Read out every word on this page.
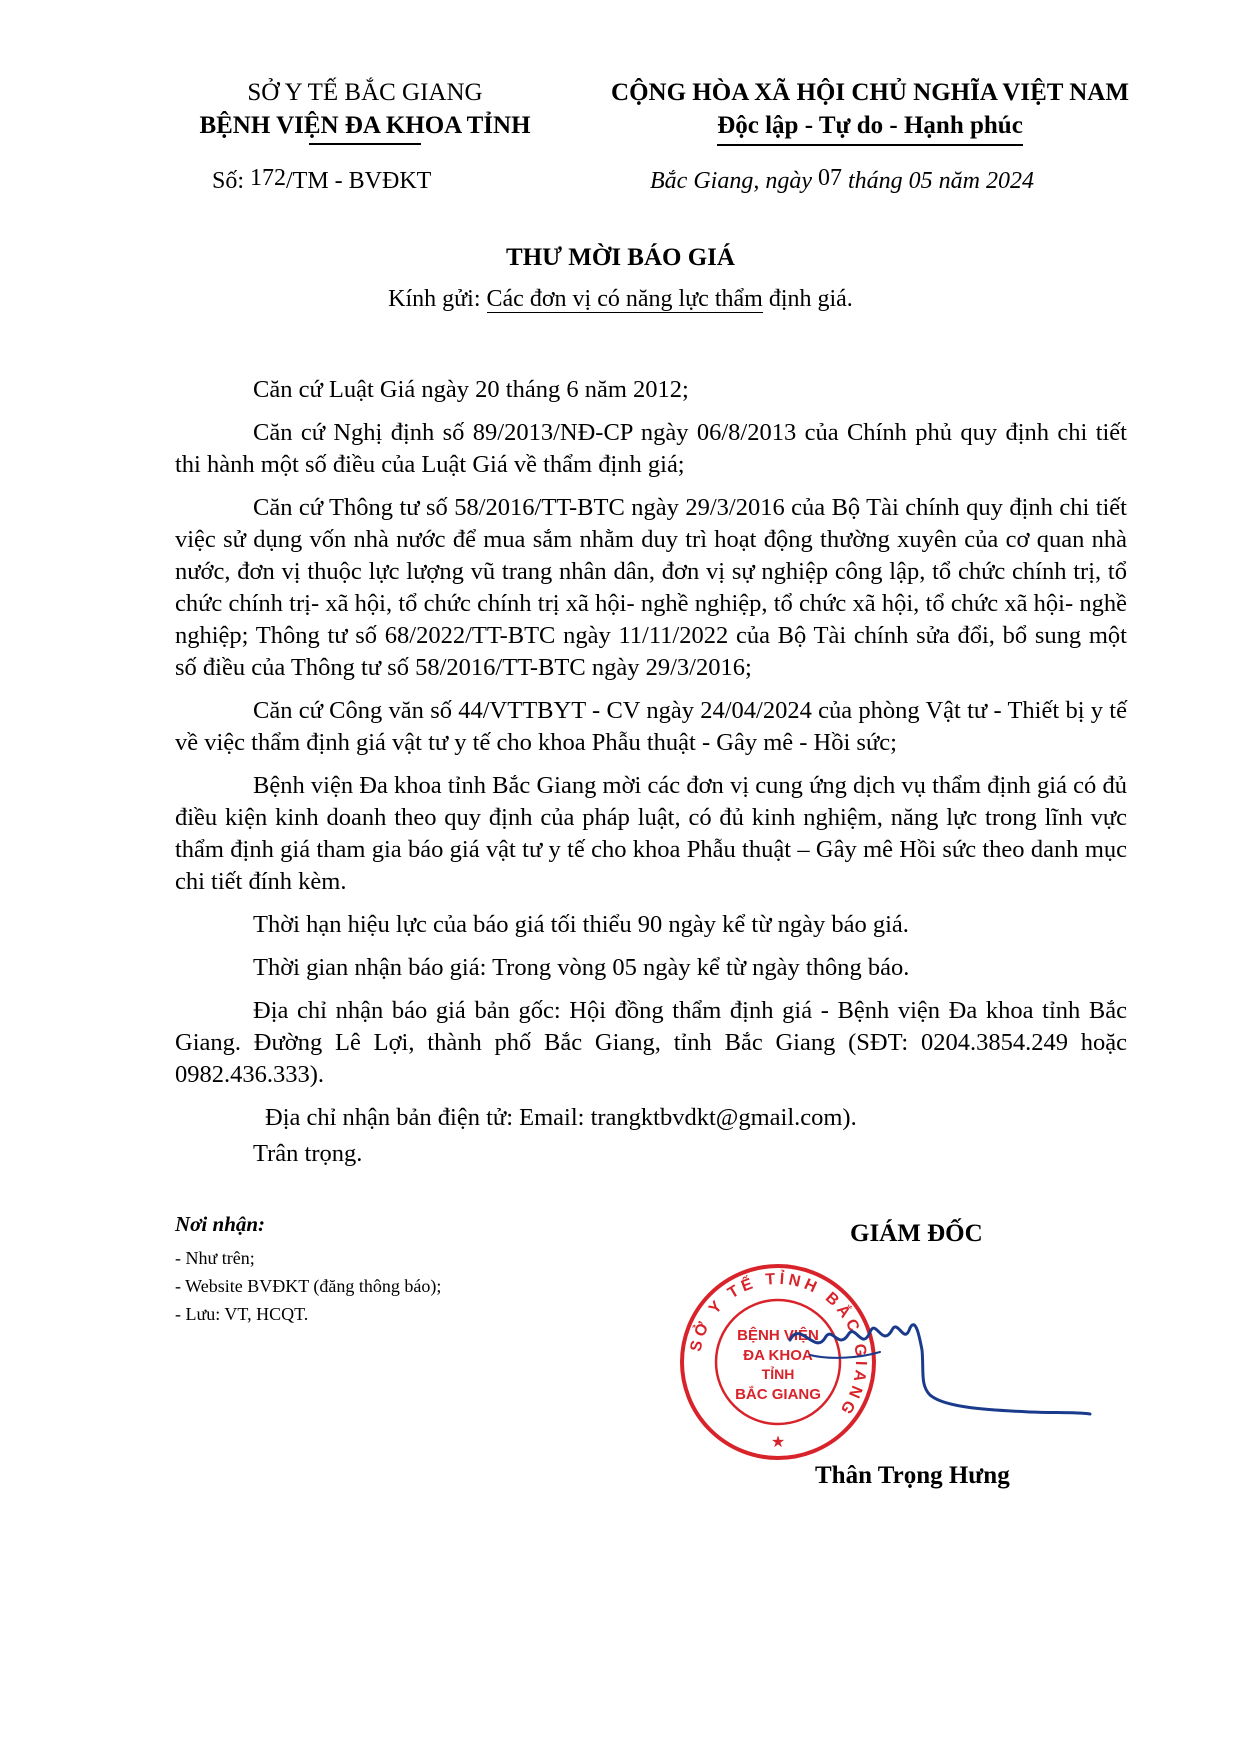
SỞ Y TẾ BẮC GIANG
BỆNH VIỆN ĐA KHOA TỈNH
CỘNG HÒA XÃ HỘI CHỦ NGHĨA VIỆT NAM
Độc lập - Tự do - Hạnh phúc
Số: 172/TM - BVĐKT	Bắc Giang, ngày 07 tháng 05 năm 2024
THƯ MỜI BÁO GIÁ
Kính gửi: Các đơn vị có năng lực thẩm định giá.

Căn cứ Luật Giá ngày 20 tháng 6 năm 2012;

Căn cứ Nghị định số 89/2013/NĐ-CP ngày 06/8/2013 của Chính phủ quy định chi tiết thi hành một số điều của Luật Giá về thẩm định giá;

Căn cứ Thông tư số 58/2016/TT-BTC ngày 29/3/2016 của Bộ Tài chính quy định chi tiết việc sử dụng vốn nhà nước để mua sắm nhằm duy trì hoạt động thường xuyên của cơ quan nhà nước, đơn vị thuộc lực lượng vũ trang nhân dân, đơn vị sự nghiệp công lập, tổ chức chính trị, tổ chức chính trị- xã hội, tổ chức chính trị xã hội- nghề nghiệp, tổ chức xã hội, tổ chức xã hội- nghề nghiệp; Thông tư số 68/2022/TT-BTC ngày 11/11/2022 của Bộ Tài chính sửa đổi, bổ sung một số điều của Thông tư số 58/2016/TT-BTC ngày 29/3/2016;

Căn cứ Công văn số 44/VTTBYT - CV ngày 24/04/2024 của phòng Vật tư - Thiết bị y tế về việc thẩm định giá vật tư y tế cho khoa Phẫu thuật - Gây mê - Hồi sức;

Bệnh viện Đa khoa tỉnh Bắc Giang mời các đơn vị cung ứng dịch vụ thẩm định giá có đủ điều kiện kinh doanh theo quy định của pháp luật, có đủ kinh nghiệm, năng lực trong lĩnh vực thẩm định giá tham gia báo giá vật tư y tế cho khoa Phẫu thuật – Gây mê Hồi sức theo danh mục chi tiết đính kèm.

Thời hạn hiệu lực của báo giá tối thiểu 90 ngày kể từ ngày báo giá.

Thời gian nhận báo giá: Trong vòng 05 ngày kể từ ngày thông báo.

Địa chỉ nhận báo giá bản gốc: Hội đồng thẩm định giá - Bệnh viện Đa khoa tỉnh Bắc Giang. Đường Lê Lợi, thành phố Bắc Giang, tỉnh Bắc Giang (SĐT: 0204.3854.249 hoặc 0982.436.333).

Địa chỉ nhận bản điện tử: Email: trangktbvdkt@gmail.com).

Trân trọng.

Nơi nhận:
- Như trên;
- Website BVĐKT (đăng thông báo);
- Lưu: VT, HCQT.
GIÁM ĐỐC
SỞ Y TẾ TỈNH BẮC GIANG
BỆNH VIỆN
ĐA KHOA
TỈNH
BẮC GIANG
★
Thân Trọng Hưng
